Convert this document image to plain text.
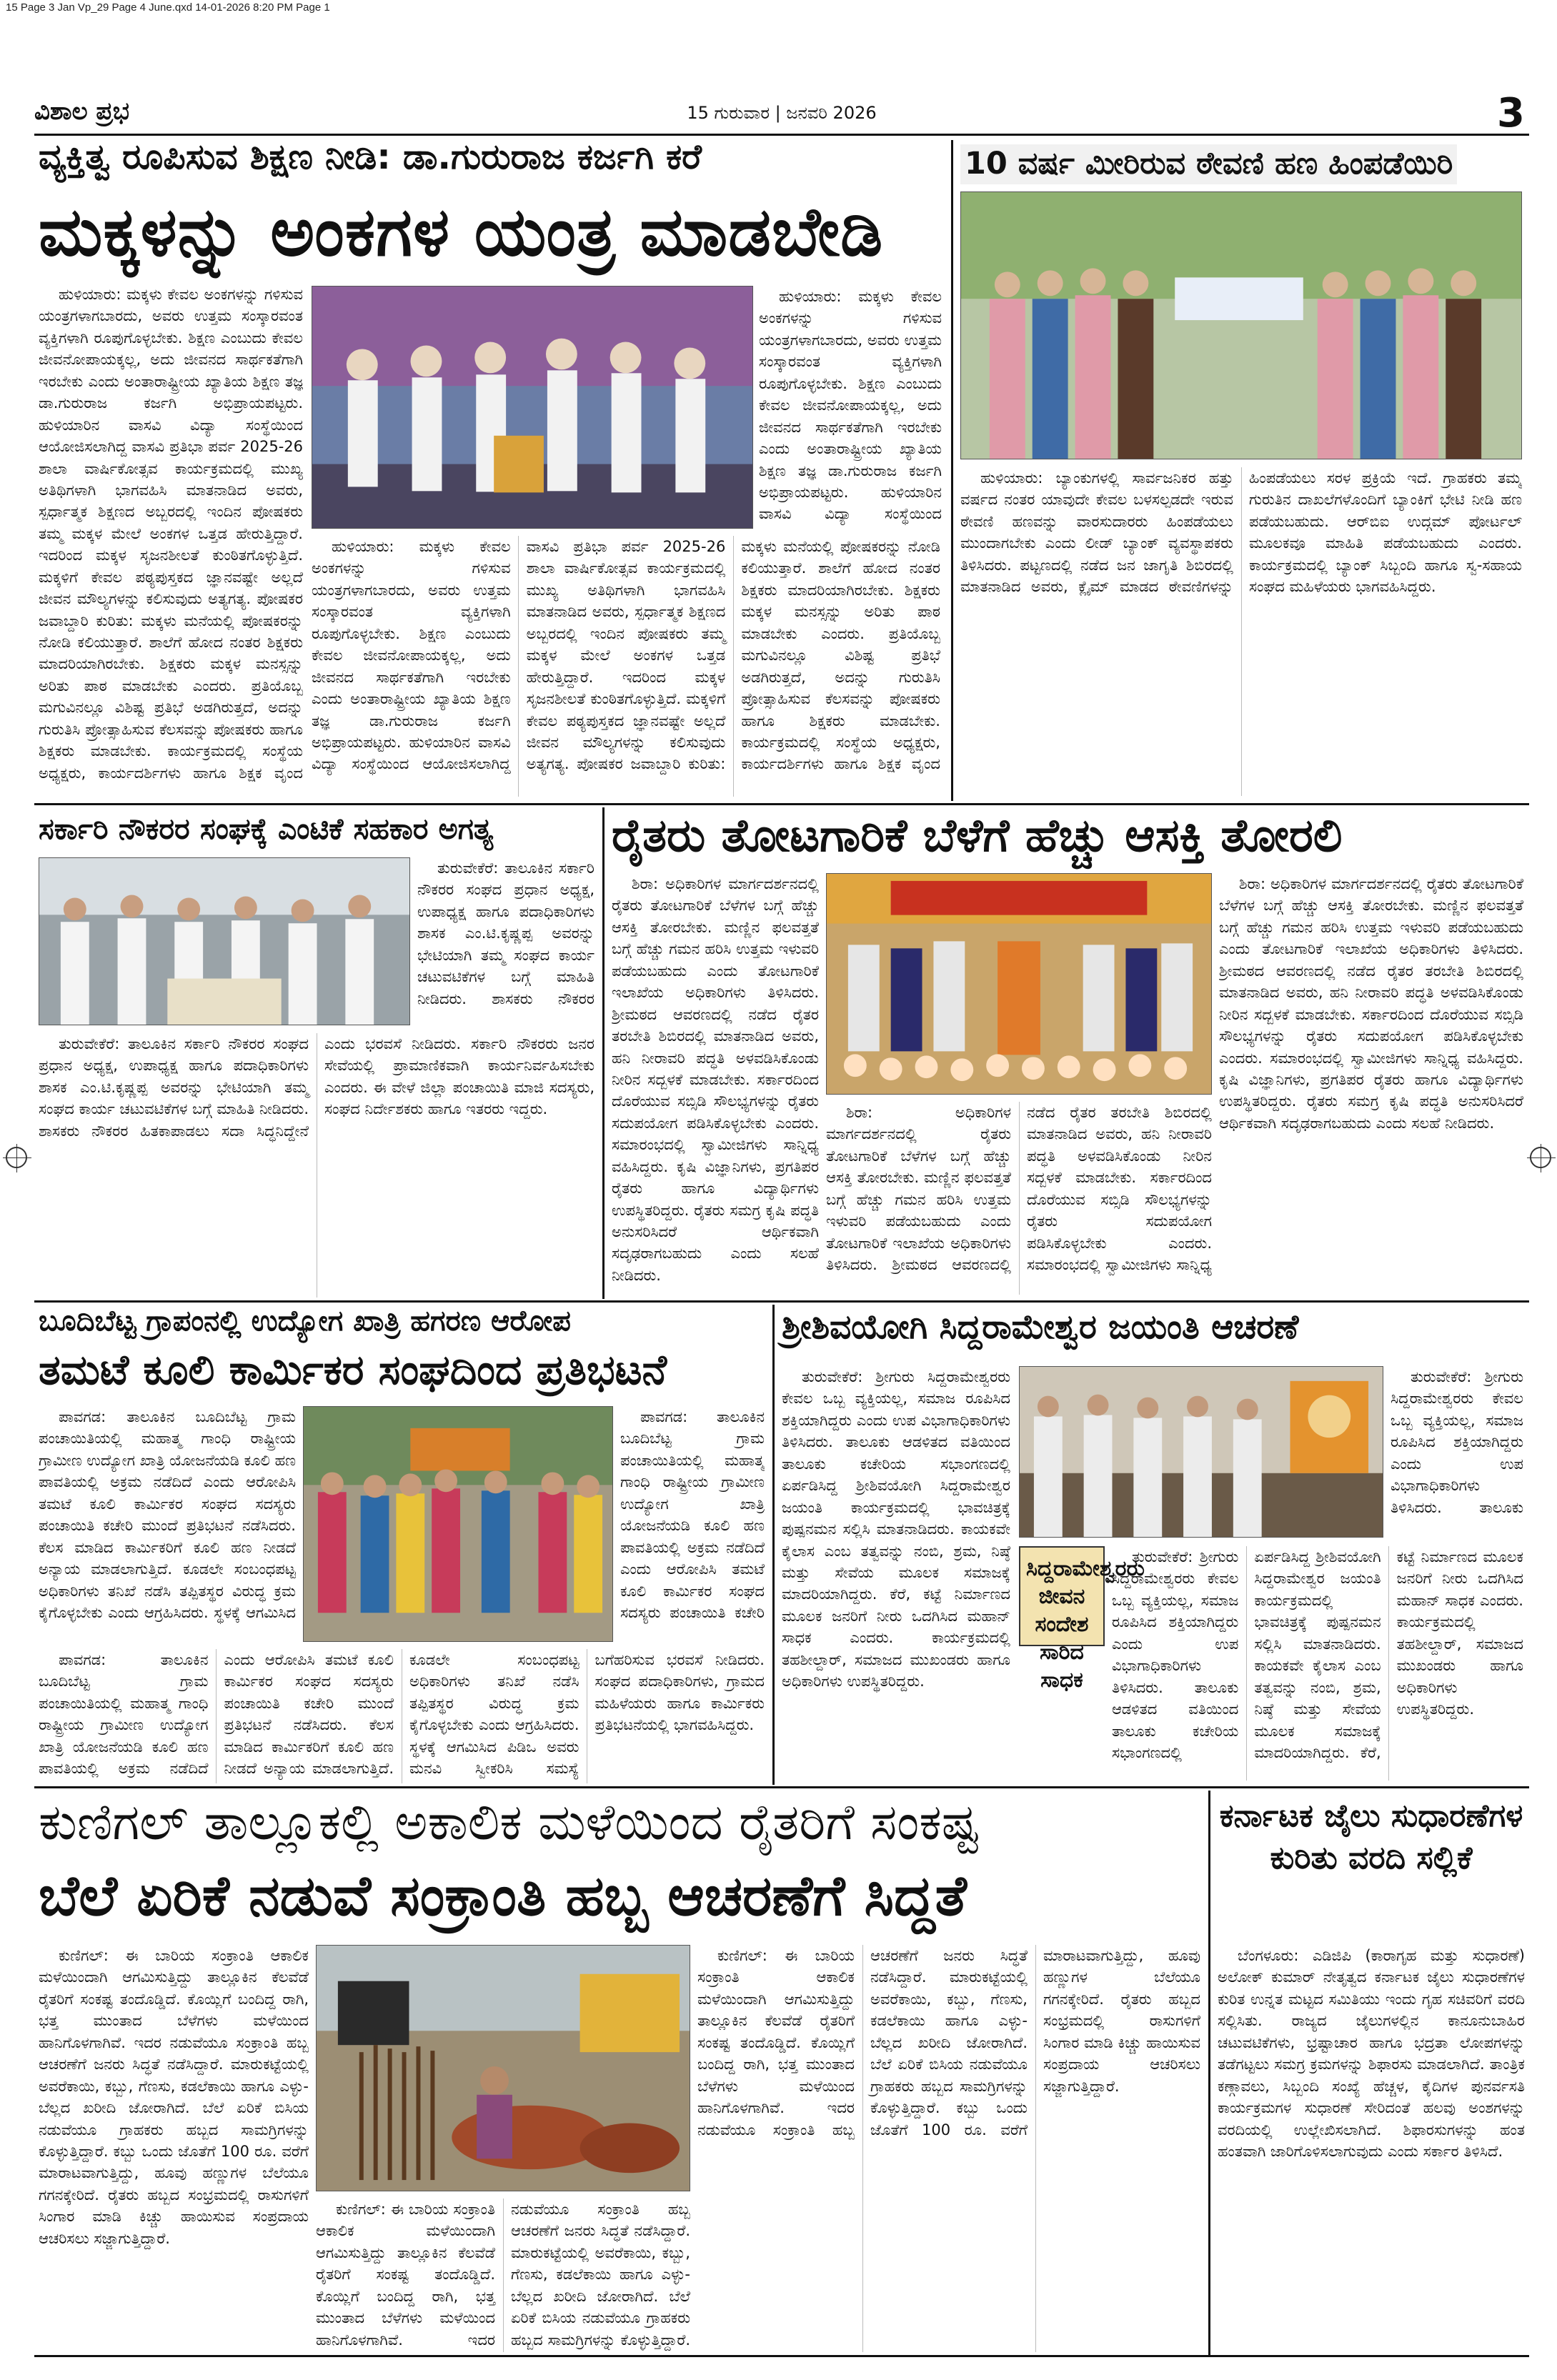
15 Page 3 Jan Vp_29 Page 4 June.qxd 14-01-2026 8:20 PM Page 1
ವಿಶಾಲ ಪ್ರಭ	15 ಗುರುವಾರ | ಜನವರಿ 2026	3
ವ್ಯಕ್ತಿತ್ವ ರೂಪಿಸುವ ಶಿಕ್ಷಣ ನೀಡಿ: ಡಾ.ಗುರುರಾಜ ಕರ್ಜಗಿ ಕರೆ
ಮಕ್ಕಳನ್ನು ಅಂಕಗಳ ಯಂತ್ರ ಮಾಡಬೇಡಿ

ಹುಳಿಯಾರು: ಮಕ್ಕಳು ಕೇವಲ ಅಂಕಗಳನ್ನು ಗಳಿಸುವ ಯಂತ್ರಗಳಾಗಬಾರದು, ಅವರು ಉತ್ತಮ ಸಂಸ್ಕಾರವಂತ ವ್ಯಕ್ತಿಗಳಾಗಿ ರೂಪುಗೊಳ್ಳಬೇಕು. ಶಿಕ್ಷಣ ಎಂಬುದು ಕೇವಲ ಜೀವನೋಪಾಯಕ್ಕಲ್ಲ, ಅದು ಜೀವನದ ಸಾರ್ಥಕತೆಗಾಗಿ ಇರಬೇಕು ಎಂದು ಅಂತಾರಾಷ್ಟ್ರೀಯ ಖ್ಯಾತಿಯ ಶಿಕ್ಷಣ ತಜ್ಞ ಡಾ.ಗುರುರಾಜ ಕರ್ಜಗಿ ಅಭಿಪ್ರಾಯಪಟ್ಟರು. ಹುಳಿಯಾರಿನ ವಾಸವಿ ವಿದ್ಯಾ ಸಂಸ್ಥೆಯಿಂದ ಆಯೋಜಿಸಲಾಗಿದ್ದ ವಾಸವಿ ಪ್ರತಿಭಾ ಪರ್ವ 2025-26 ಶಾಲಾ ವಾರ್ಷಿಕೋತ್ಸವ ಕಾರ್ಯಕ್ರಮದಲ್ಲಿ ಮುಖ್ಯ ಅತಿಥಿಗಳಾಗಿ ಭಾಗವಹಿಸಿ ಮಾತನಾಡಿದ ಅವರು, ಸ್ಪರ್ಧಾತ್ಮಕ ಶಿಕ್ಷಣದ ಅಬ್ಬರದಲ್ಲಿ ಇಂದಿನ ಪೋಷಕರು ತಮ್ಮ ಮಕ್ಕಳ ಮೇಲೆ ಅಂಕಗಳ ಒತ್ತಡ ಹೇರುತ್ತಿದ್ದಾರೆ. ಇದರಿಂದ ಮಕ್ಕಳ ಸೃಜನಶೀಲತೆ ಕುಂಠಿತಗೊಳ್ಳುತ್ತಿದೆ. ಮಕ್ಕಳಿಗೆ ಕೇವಲ ಪಠ್ಯಪುಸ್ತಕದ ಜ್ಞಾನವಷ್ಟೇ ಅಲ್ಲದೆ ಜೀವನ ಮೌಲ್ಯಗಳನ್ನು ಕಲಿಸುವುದು ಅತ್ಯಗತ್ಯ. ಪೋಷಕರ ಜವಾಬ್ದಾರಿ ಕುರಿತು: ಮಕ್ಕಳು ಮನೆಯಲ್ಲಿ ಪೋಷಕರನ್ನು ನೋಡಿ ಕಲಿಯುತ್ತಾರೆ. ಶಾಲೆಗೆ ಹೋದ ನಂತರ ಶಿಕ್ಷಕರು ಮಾದರಿಯಾಗಿರಬೇಕು. ಶಿಕ್ಷಕರು ಮಕ್ಕಳ ಮನಸ್ಸನ್ನು ಅರಿತು ಪಾಠ ಮಾಡಬೇಕು ಎಂದರು. ಪ್ರತಿಯೊಬ್ಬ ಮಗುವಿನಲ್ಲೂ ವಿಶಿಷ್ಟ ಪ್ರತಿಭೆ ಅಡಗಿರುತ್ತದೆ, ಅದನ್ನು ಗುರುತಿಸಿ ಪ್ರೋತ್ಸಾಹಿಸುವ ಕೆಲಸವನ್ನು ಪೋಷಕರು ಹಾಗೂ ಶಿಕ್ಷಕರು ಮಾಡಬೇಕು. ಕಾರ್ಯಕ್ರಮದಲ್ಲಿ ಸಂಸ್ಥೆಯ ಅಧ್ಯಕ್ಷರು, ಕಾರ್ಯದರ್ಶಿಗಳು ಹಾಗೂ ಶಿಕ್ಷಕ ವೃಂದ

ಹುಳಿಯಾರು: ಮಕ್ಕಳು ಕೇವಲ ಅಂಕಗಳನ್ನು ಗಳಿಸುವ ಯಂತ್ರಗಳಾಗಬಾರದು, ಅವರು ಉತ್ತಮ ಸಂಸ್ಕಾರವಂತ ವ್ಯಕ್ತಿಗಳಾಗಿ ರೂಪುಗೊಳ್ಳಬೇಕು. ಶಿಕ್ಷಣ ಎಂಬುದು ಕೇವಲ ಜೀವನೋಪಾಯಕ್ಕಲ್ಲ, ಅದು ಜೀವನದ ಸಾರ್ಥಕತೆಗಾಗಿ ಇರಬೇಕು ಎಂದು ಅಂತಾರಾಷ್ಟ್ರೀಯ ಖ್ಯಾತಿಯ ಶಿಕ್ಷಣ ತಜ್ಞ ಡಾ.ಗುರುರಾಜ ಕರ್ಜಗಿ ಅಭಿಪ್ರಾಯಪಟ್ಟರು. ಹುಳಿಯಾರಿನ ವಾಸವಿ ವಿದ್ಯಾ ಸಂಸ್ಥೆಯಿಂದ ಆಯೋಜಿಸಲಾಗಿದ್ದ ವಾಸವಿ ಪ್ರತಿಭಾ ಪರ್ವ 2025-26 ಶಾಲಾ ವಾರ್ಷಿಕೋತ್ಸವ ಕಾರ್ಯಕ್ರಮದಲ್ಲಿ ಮುಖ್ಯ ಅತಿಥಿಗಳಾಗಿ ಭಾಗವಹಿಸಿ ಮಾತನಾಡಿದ ಅವರು, ಸ್ಪರ್ಧಾತ್ಮಕ ಶಿಕ್ಷಣದ ಅಬ್ಬರದಲ್ಲಿ ಇಂದಿನ ಪೋಷಕರು ತಮ್ಮ ಮಕ್ಕಳ ಮೇಲೆ ಅಂಕಗಳ ಒತ್ತಡ ಹೇರುತ್ತಿದ್ದಾರೆ. ಇದರಿಂದ ಮಕ್ಕಳ ಸೃಜನಶೀಲತೆ ಕುಂಠಿತಗೊಳ್ಳುತ್ತಿದೆ. ಮಕ್ಕಳಿಗೆ ಕೇವಲ ಪಠ್ಯಪುಸ್ತಕದ ಜ್ಞಾನವಷ್ಟೇ ಅಲ್ಲದೆ ಜೀವನ ಮೌಲ್ಯಗಳನ್ನು ಕಲಿಸುವುದು ಅತ್ಯಗತ್ಯ. ಪೋಷಕರ ಜವಾಬ್ದಾರಿ ಕುರಿತು: ಮಕ್ಕಳು ಮನೆಯಲ್ಲಿ ಪೋಷಕರನ್ನು ನೋಡಿ ಕಲಿಯುತ್ತಾರೆ. ಶಾಲೆಗೆ ಹೋದ ನಂತರ ಶಿಕ್ಷಕರು ಮಾದರಿಯಾಗಿರಬೇಕು. ಶಿಕ್ಷಕರು ಮಕ್ಕಳ ಮನಸ್ಸನ್ನು ಅರಿತು ಪಾಠ ಮಾಡಬೇಕು ಎಂದರು. ಪ್ರತಿಯೊಬ್ಬ ಮಗುವಿನಲ್ಲೂ ವಿಶಿಷ್ಟ ಪ್ರತಿಭೆ ಅಡಗಿರುತ್ತದೆ, ಅದನ್ನು ಗುರುತಿಸಿ ಪ್ರೋತ್ಸಾಹಿಸುವ ಕೆಲಸವನ್ನು ಪೋಷಕರು ಹಾಗೂ ಶಿಕ್ಷಕರು ಮಾಡಬೇಕು. ಕಾರ್ಯಕ್ರಮದಲ್ಲಿ ಸಂಸ್ಥೆಯ ಅಧ್ಯಕ್ಷರು, ಕಾರ್ಯದರ್ಶಿಗಳು ಹಾಗೂ ಶಿಕ್ಷಕ ವೃಂದ

ಹುಳಿಯಾರು: ಮಕ್ಕಳು ಕೇವಲ ಅಂಕಗಳನ್ನು ಗಳಿಸುವ ಯಂತ್ರಗಳಾಗಬಾರದು, ಅವರು ಉತ್ತಮ ಸಂಸ್ಕಾರವಂತ ವ್ಯಕ್ತಿಗಳಾಗಿ ರೂಪುಗೊಳ್ಳಬೇಕು. ಶಿಕ್ಷಣ ಎಂಬುದು ಕೇವಲ ಜೀವನೋಪಾಯಕ್ಕಲ್ಲ, ಅದು ಜೀವನದ ಸಾರ್ಥಕತೆಗಾಗಿ ಇರಬೇಕು ಎಂದು ಅಂತಾರಾಷ್ಟ್ರೀಯ ಖ್ಯಾತಿಯ ಶಿಕ್ಷಣ ತಜ್ಞ ಡಾ.ಗುರುರಾಜ ಕರ್ಜಗಿ ಅಭಿಪ್ರಾಯಪಟ್ಟರು. ಹುಳಿಯಾರಿನ ವಾಸವಿ ವಿದ್ಯಾ ಸಂಸ್ಥೆಯಿಂದ

10 ವರ್ಷ ಮೀರಿರುವ ಠೇವಣಿ ಹಣ ಹಿಂಪಡೆಯಿರಿ

ಹುಳಿಯಾರು: ಬ್ಯಾಂಕುಗಳಲ್ಲಿ ಸಾರ್ವಜನಿಕರ ಹತ್ತು ವರ್ಷದ ನಂತರ ಯಾವುದೇ ಕೇವಲ ಬಳಸಲ್ಪಡದೇ ಇರುವ ಠೇವಣಿ ಹಣವನ್ನು ವಾರಸುದಾರರು ಹಿಂಪಡೆಯಲು ಮುಂದಾಗಬೇಕು ಎಂದು ಲೀಡ್ ಬ್ಯಾಂಕ್ ವ್ಯವಸ್ಥಾಪಕರು ತಿಳಿಸಿದರು. ಪಟ್ಟಣದಲ್ಲಿ ನಡೆದ ಜನ ಜಾಗೃತಿ ಶಿಬಿರದಲ್ಲಿ ಮಾತನಾಡಿದ ಅವರು, ಕ್ಲೈಮ್ ಮಾಡದ ಠೇವಣಿಗಳನ್ನು ಹಿಂಪಡೆಯಲು ಸರಳ ಪ್ರಕ್ರಿಯೆ ಇದೆ. ಗ್ರಾಹಕರು ತಮ್ಮ ಗುರುತಿನ ದಾಖಲೆಗಳೊಂದಿಗೆ ಬ್ಯಾಂಕಿಗೆ ಭೇಟಿ ನೀಡಿ ಹಣ ಪಡೆಯಬಹುದು. ಆರ್‌ಬಿಐ ಉದ್ಗಮ್ ಪೋರ್ಟಲ್ ಮೂಲಕವೂ ಮಾಹಿತಿ ಪಡೆಯಬಹುದು ಎಂದರು. ಕಾರ್ಯಕ್ರಮದಲ್ಲಿ ಬ್ಯಾಂಕ್ ಸಿಬ್ಬಂದಿ ಹಾಗೂ ಸ್ವ-ಸಹಾಯ ಸಂಘದ ಮಹಿಳೆಯರು ಭಾಗವಹಿಸಿದ್ದರು.

ಸರ್ಕಾರಿ ನೌಕರರ ಸಂಘಕ್ಕೆ ಎಂಟಿಕೆ ಸಹಕಾರ ಅಗತ್ಯ

ತುರುವೇಕೆರೆ: ತಾಲೂಕಿನ ಸರ್ಕಾರಿ ನೌಕರರ ಸಂಘದ ಪ್ರಧಾನ ಅಧ್ಯಕ್ಷ, ಉಪಾಧ್ಯಕ್ಷ ಹಾಗೂ ಪದಾಧಿಕಾರಿಗಳು ಶಾಸಕ ಎಂ.ಟಿ.ಕೃಷ್ಣಪ್ಪ ಅವರನ್ನು ಭೇಟಿಯಾಗಿ ತಮ್ಮ ಸಂಘದ ಕಾರ್ಯ ಚಟುವಟಿಕೆಗಳ ಬಗ್ಗೆ ಮಾಹಿತಿ ನೀಡಿದರು. ಶಾಸಕರು ನೌಕರರ

ತುರುವೇಕೆರೆ: ತಾಲೂಕಿನ ಸರ್ಕಾರಿ ನೌಕರರ ಸಂಘದ ಪ್ರಧಾನ ಅಧ್ಯಕ್ಷ, ಉಪಾಧ್ಯಕ್ಷ ಹಾಗೂ ಪದಾಧಿಕಾರಿಗಳು ಶಾಸಕ ಎಂ.ಟಿ.ಕೃಷ್ಣಪ್ಪ ಅವರನ್ನು ಭೇಟಿಯಾಗಿ ತಮ್ಮ ಸಂಘದ ಕಾರ್ಯ ಚಟುವಟಿಕೆಗಳ ಬಗ್ಗೆ ಮಾಹಿತಿ ನೀಡಿದರು. ಶಾಸಕರು ನೌಕರರ ಹಿತಕಾಪಾಡಲು ಸದಾ ಸಿದ್ಧನಿದ್ದೇನೆ ಎಂದು ಭರವಸೆ ನೀಡಿದರು. ಸರ್ಕಾರಿ ನೌಕರರು ಜನರ ಸೇವೆಯಲ್ಲಿ ಪ್ರಾಮಾಣಿಕವಾಗಿ ಕಾರ್ಯನಿರ್ವಹಿಸಬೇಕು ಎಂದರು. ಈ ವೇಳೆ ಜಿಲ್ಲಾ ಪಂಚಾಯಿತಿ ಮಾಜಿ ಸದಸ್ಯರು, ಸಂಘದ ನಿರ್ದೇಶಕರು ಹಾಗೂ ಇತರರು ಇದ್ದರು.

ರೈತರು ತೋಟಗಾರಿಕೆ ಬೆಳೆಗೆ ಹೆಚ್ಚು ಆಸಕ್ತಿ ತೋರಲಿ

ಶಿರಾ: ಅಧಿಕಾರಿಗಳ ಮಾರ್ಗದರ್ಶನದಲ್ಲಿ ರೈತರು ತೋಟಗಾರಿಕೆ ಬೆಳೆಗಳ ಬಗ್ಗೆ ಹೆಚ್ಚು ಆಸಕ್ತಿ ತೋರಬೇಕು. ಮಣ್ಣಿನ ಫಲವತ್ತತೆ ಬಗ್ಗೆ ಹೆಚ್ಚು ಗಮನ ಹರಿಸಿ ಉತ್ತಮ ಇಳುವರಿ ಪಡೆಯಬಹುದು ಎಂದು ತೋಟಗಾರಿಕೆ ಇಲಾಖೆಯ ಅಧಿಕಾರಿಗಳು ತಿಳಿಸಿದರು. ಶ್ರೀಮಠದ ಆವರಣದಲ್ಲಿ ನಡೆದ ರೈತರ ತರಬೇತಿ ಶಿಬಿರದಲ್ಲಿ ಮಾತನಾಡಿದ ಅವರು, ಹನಿ ನೀರಾವರಿ ಪದ್ಧತಿ ಅಳವಡಿಸಿಕೊಂಡು ನೀರಿನ ಸದ್ಬಳಕೆ ಮಾಡಬೇಕು. ಸರ್ಕಾರದಿಂದ ದೊರೆಯುವ ಸಬ್ಸಿಡಿ ಸೌಲಭ್ಯಗಳನ್ನು ರೈತರು ಸದುಪಯೋಗ ಪಡಿಸಿಕೊಳ್ಳಬೇಕು ಎಂದರು. ಸಮಾರಂಭದಲ್ಲಿ ಸ್ವಾಮೀಜಿಗಳು ಸಾನ್ನಿಧ್ಯ ವಹಿಸಿದ್ದರು. ಕೃಷಿ ವಿಜ್ಞಾನಿಗಳು, ಪ್ರಗತಿಪರ ರೈತರು ಹಾಗೂ ವಿದ್ಯಾರ್ಥಿಗಳು ಉಪಸ್ಥಿತರಿದ್ದರು. ರೈತರು ಸಮಗ್ರ ಕೃಷಿ ಪದ್ಧತಿ ಅನುಸರಿಸಿದರೆ ಆರ್ಥಿಕವಾಗಿ ಸದೃಢರಾಗಬಹುದು ಎಂದು ಸಲಹೆ ನೀಡಿದರು.

ಶಿರಾ: ಅಧಿಕಾರಿಗಳ ಮಾರ್ಗದರ್ಶನದಲ್ಲಿ ರೈತರು ತೋಟಗಾರಿಕೆ ಬೆಳೆಗಳ ಬಗ್ಗೆ ಹೆಚ್ಚು ಆಸಕ್ತಿ ತೋರಬೇಕು. ಮಣ್ಣಿನ ಫಲವತ್ತತೆ ಬಗ್ಗೆ ಹೆಚ್ಚು ಗಮನ ಹರಿಸಿ ಉತ್ತಮ ಇಳುವರಿ ಪಡೆಯಬಹುದು ಎಂದು ತೋಟಗಾರಿಕೆ ಇಲಾಖೆಯ ಅಧಿಕಾರಿಗಳು ತಿಳಿಸಿದರು. ಶ್ರೀಮಠದ ಆವರಣದಲ್ಲಿ ನಡೆದ ರೈತರ ತರಬೇತಿ ಶಿಬಿರದಲ್ಲಿ ಮಾತನಾಡಿದ ಅವರು, ಹನಿ ನೀರಾವರಿ ಪದ್ಧತಿ ಅಳವಡಿಸಿಕೊಂಡು ನೀರಿನ ಸದ್ಬಳಕೆ ಮಾಡಬೇಕು. ಸರ್ಕಾರದಿಂದ ದೊರೆಯುವ ಸಬ್ಸಿಡಿ ಸೌಲಭ್ಯಗಳನ್ನು ರೈತರು ಸದುಪಯೋಗ ಪಡಿಸಿಕೊಳ್ಳಬೇಕು ಎಂದರು. ಸಮಾರಂಭದಲ್ಲಿ ಸ್ವಾಮೀಜಿಗಳು ಸಾನ್ನಿಧ್ಯ

ಶಿರಾ: ಅಧಿಕಾರಿಗಳ ಮಾರ್ಗದರ್ಶನದಲ್ಲಿ ರೈತರು ತೋಟಗಾರಿಕೆ ಬೆಳೆಗಳ ಬಗ್ಗೆ ಹೆಚ್ಚು ಆಸಕ್ತಿ ತೋರಬೇಕು. ಮಣ್ಣಿನ ಫಲವತ್ತತೆ ಬಗ್ಗೆ ಹೆಚ್ಚು ಗಮನ ಹರಿಸಿ ಉತ್ತಮ ಇಳುವರಿ ಪಡೆಯಬಹುದು ಎಂದು ತೋಟಗಾರಿಕೆ ಇಲಾಖೆಯ ಅಧಿಕಾರಿಗಳು ತಿಳಿಸಿದರು. ಶ್ರೀಮಠದ ಆವರಣದಲ್ಲಿ ನಡೆದ ರೈತರ ತರಬೇತಿ ಶಿಬಿರದಲ್ಲಿ ಮಾತನಾಡಿದ ಅವರು, ಹನಿ ನೀರಾವರಿ ಪದ್ಧತಿ ಅಳವಡಿಸಿಕೊಂಡು ನೀರಿನ ಸದ್ಬಳಕೆ ಮಾಡಬೇಕು. ಸರ್ಕಾರದಿಂದ ದೊರೆಯುವ ಸಬ್ಸಿಡಿ ಸೌಲಭ್ಯಗಳನ್ನು ರೈತರು ಸದುಪಯೋಗ ಪಡಿಸಿಕೊಳ್ಳಬೇಕು ಎಂದರು. ಸಮಾರಂಭದಲ್ಲಿ ಸ್ವಾಮೀಜಿಗಳು ಸಾನ್ನಿಧ್ಯ ವಹಿಸಿದ್ದರು. ಕೃಷಿ ವಿಜ್ಞಾನಿಗಳು, ಪ್ರಗತಿಪರ ರೈತರು ಹಾಗೂ ವಿದ್ಯಾರ್ಥಿಗಳು ಉಪಸ್ಥಿತರಿದ್ದರು. ರೈತರು ಸಮಗ್ರ ಕೃಷಿ ಪದ್ಧತಿ ಅನುಸರಿಸಿದರೆ ಆರ್ಥಿಕವಾಗಿ ಸದೃಢರಾಗಬಹುದು ಎಂದು ಸಲಹೆ ನೀಡಿದರು.

ಬೂದಿಬೆಟ್ಟ ಗ್ರಾಪಂನಲ್ಲಿ ಉದ್ಯೋಗ ಖಾತ್ರಿ ಹಗರಣ ಆರೋಪ
ತಮಟೆ ಕೂಲಿ ಕಾರ್ಮಿಕರ ಸಂಘದಿಂದ ಪ್ರತಿಭಟನೆ

ಪಾವಗಡ: ತಾಲೂಕಿನ ಬೂದಿಬೆಟ್ಟ ಗ್ರಾಮ ಪಂಚಾಯಿತಿಯಲ್ಲಿ ಮಹಾತ್ಮ ಗಾಂಧಿ ರಾಷ್ಟ್ರೀಯ ಗ್ರಾಮೀಣ ಉದ್ಯೋಗ ಖಾತ್ರಿ ಯೋಜನೆಯಡಿ ಕೂಲಿ ಹಣ ಪಾವತಿಯಲ್ಲಿ ಅಕ್ರಮ ನಡೆದಿದೆ ಎಂದು ಆರೋಪಿಸಿ ತಮಟೆ ಕೂಲಿ ಕಾರ್ಮಿಕರ ಸಂಘದ ಸದಸ್ಯರು ಪಂಚಾಯಿತಿ ಕಚೇರಿ ಮುಂದೆ ಪ್ರತಿಭಟನೆ ನಡೆಸಿದರು. ಕೆಲಸ ಮಾಡಿದ ಕಾರ್ಮಿಕರಿಗೆ ಕೂಲಿ ಹಣ ನೀಡದೆ ಅನ್ಯಾಯ ಮಾಡಲಾಗುತ್ತಿದೆ. ಕೂಡಲೇ ಸಂಬಂಧಪಟ್ಟ ಅಧಿಕಾರಿಗಳು ತನಿಖೆ ನಡೆಸಿ ತಪ್ಪಿತಸ್ಥರ ವಿರುದ್ಧ ಕ್ರಮ ಕೈಗೊಳ್ಳಬೇಕು ಎಂದು ಆಗ್ರಹಿಸಿದರು. ಸ್ಥಳಕ್ಕೆ ಆಗಮಿಸಿದ

ಪಾವಗಡ: ತಾಲೂಕಿನ ಬೂದಿಬೆಟ್ಟ ಗ್ರಾಮ ಪಂಚಾಯಿತಿಯಲ್ಲಿ ಮಹಾತ್ಮ ಗಾಂಧಿ ರಾಷ್ಟ್ರೀಯ ಗ್ರಾಮೀಣ ಉದ್ಯೋಗ ಖಾತ್ರಿ ಯೋಜನೆಯಡಿ ಕೂಲಿ ಹಣ ಪಾವತಿಯಲ್ಲಿ ಅಕ್ರಮ ನಡೆದಿದೆ ಎಂದು ಆರೋಪಿಸಿ ತಮಟೆ ಕೂಲಿ ಕಾರ್ಮಿಕರ ಸಂಘದ ಸದಸ್ಯರು ಪಂಚಾಯಿತಿ ಕಚೇರಿ

ಪಾವಗಡ: ತಾಲೂಕಿನ ಬೂದಿಬೆಟ್ಟ ಗ್ರಾಮ ಪಂಚಾಯಿತಿಯಲ್ಲಿ ಮಹಾತ್ಮ ಗಾಂಧಿ ರಾಷ್ಟ್ರೀಯ ಗ್ರಾಮೀಣ ಉದ್ಯೋಗ ಖಾತ್ರಿ ಯೋಜನೆಯಡಿ ಕೂಲಿ ಹಣ ಪಾವತಿಯಲ್ಲಿ ಅಕ್ರಮ ನಡೆದಿದೆ ಎಂದು ಆರೋಪಿಸಿ ತಮಟೆ ಕೂಲಿ ಕಾರ್ಮಿಕರ ಸಂಘದ ಸದಸ್ಯರು ಪಂಚಾಯಿತಿ ಕಚೇರಿ ಮುಂದೆ ಪ್ರತಿಭಟನೆ ನಡೆಸಿದರು. ಕೆಲಸ ಮಾಡಿದ ಕಾರ್ಮಿಕರಿಗೆ ಕೂಲಿ ಹಣ ನೀಡದೆ ಅನ್ಯಾಯ ಮಾಡಲಾಗುತ್ತಿದೆ. ಕೂಡಲೇ ಸಂಬಂಧಪಟ್ಟ ಅಧಿಕಾರಿಗಳು ತನಿಖೆ ನಡೆಸಿ ತಪ್ಪಿತಸ್ಥರ ವಿರುದ್ಧ ಕ್ರಮ ಕೈಗೊಳ್ಳಬೇಕು ಎಂದು ಆಗ್ರಹಿಸಿದರು. ಸ್ಥಳಕ್ಕೆ ಆಗಮಿಸಿದ ಪಿಡಿಒ ಅವರು ಮನವಿ ಸ್ವೀಕರಿಸಿ ಸಮಸ್ಯೆ ಬಗೆಹರಿಸುವ ಭರವಸೆ ನೀಡಿದರು. ಸಂಘದ ಪದಾಧಿಕಾರಿಗಳು, ಗ್ರಾಮದ ಮಹಿಳೆಯರು ಹಾಗೂ ಕಾರ್ಮಿಕರು ಪ್ರತಿಭಟನೆಯಲ್ಲಿ ಭಾಗವಹಿಸಿದ್ದರು.

ಶ್ರೀಶಿವಯೋಗಿ ಸಿದ್ದರಾಮೇಶ್ವರ ಜಯಂತಿ ಆಚರಣೆ

ತುರುವೇಕೆರೆ: ಶ್ರೀಗುರು ಸಿದ್ದರಾಮೇಶ್ವರರು ಕೇವಲ ಒಬ್ಬ ವ್ಯಕ್ತಿಯಲ್ಲ, ಸಮಾಜ ರೂಪಿಸಿದ ಶಕ್ತಿಯಾಗಿದ್ದರು ಎಂದು ಉಪ ವಿಭಾಗಾಧಿಕಾರಿಗಳು ತಿಳಿಸಿದರು. ತಾಲೂಕು ಆಡಳಿತದ ವತಿಯಿಂದ ತಾಲೂಕು ಕಚೇರಿಯ ಸಭಾಂಗಣದಲ್ಲಿ ಏರ್ಪಡಿಸಿದ್ದ ಶ್ರೀಶಿವಯೋಗಿ ಸಿದ್ದರಾಮೇಶ್ವರ ಜಯಂತಿ ಕಾರ್ಯಕ್ರಮದಲ್ಲಿ ಭಾವಚಿತ್ರಕ್ಕೆ ಪುಷ್ಪನಮನ ಸಲ್ಲಿಸಿ ಮಾತನಾಡಿದರು. ಕಾಯಕವೇ ಕೈಲಾಸ ಎಂಬ ತತ್ವವನ್ನು ನಂಬಿ, ಶ್ರಮ, ನಿಷ್ಠೆ ಮತ್ತು ಸೇವೆಯ ಮೂಲಕ ಸಮಾಜಕ್ಕೆ ಮಾದರಿಯಾಗಿದ್ದರು. ಕೆರೆ, ಕಟ್ಟೆ ನಿರ್ಮಾಣದ ಮೂಲಕ ಜನರಿಗೆ ನೀರು ಒದಗಿಸಿದ ಮಹಾನ್ ಸಾಧಕ ಎಂದರು. ಕಾರ್ಯಕ್ರಮದಲ್ಲಿ ತಹಶೀಲ್ದಾರ್, ಸಮಾಜದ ಮುಖಂಡರು ಹಾಗೂ ಅಧಿಕಾರಿಗಳು ಉಪಸ್ಥಿತರಿದ್ದರು.

ತುರುವೇಕೆರೆ: ಶ್ರೀಗುರು ಸಿದ್ದರಾಮೇಶ್ವರರು ಕೇವಲ ಒಬ್ಬ ವ್ಯಕ್ತಿಯಲ್ಲ, ಸಮಾಜ ರೂಪಿಸಿದ ಶಕ್ತಿಯಾಗಿದ್ದರು ಎಂದು ಉಪ ವಿಭಾಗಾಧಿಕಾರಿಗಳು ತಿಳಿಸಿದರು. ತಾಲೂಕು

ಸಿದ್ದರಾಮೇಶ್ವರರು ಜೀವನ ಸಂದೇಶ ಸಾರಿದ ಸಾಧಕ

ತುರುವೇಕೆರೆ: ಶ್ರೀಗುರು ಸಿದ್ದರಾಮೇಶ್ವರರು ಕೇವಲ ಒಬ್ಬ ವ್ಯಕ್ತಿಯಲ್ಲ, ಸಮಾಜ ರೂಪಿಸಿದ ಶಕ್ತಿಯಾಗಿದ್ದರು ಎಂದು ಉಪ ವಿಭಾಗಾಧಿಕಾರಿಗಳು ತಿಳಿಸಿದರು. ತಾಲೂಕು ಆಡಳಿತದ ವತಿಯಿಂದ ತಾಲೂಕು ಕಚೇರಿಯ ಸಭಾಂಗಣದಲ್ಲಿ ಏರ್ಪಡಿಸಿದ್ದ ಶ್ರೀಶಿವಯೋಗಿ ಸಿದ್ದರಾಮೇಶ್ವರ ಜಯಂತಿ ಕಾರ್ಯಕ್ರಮದಲ್ಲಿ ಭಾವಚಿತ್ರಕ್ಕೆ ಪುಷ್ಪನಮನ ಸಲ್ಲಿಸಿ ಮಾತನಾಡಿದರು. ಕಾಯಕವೇ ಕೈಲಾಸ ಎಂಬ ತತ್ವವನ್ನು ನಂಬಿ, ಶ್ರಮ, ನಿಷ್ಠೆ ಮತ್ತು ಸೇವೆಯ ಮೂಲಕ ಸಮಾಜಕ್ಕೆ ಮಾದರಿಯಾಗಿದ್ದರು. ಕೆರೆ, ಕಟ್ಟೆ ನಿರ್ಮಾಣದ ಮೂಲಕ ಜನರಿಗೆ ನೀರು ಒದಗಿಸಿದ ಮಹಾನ್ ಸಾಧಕ ಎಂದರು. ಕಾರ್ಯಕ್ರಮದಲ್ಲಿ ತಹಶೀಲ್ದಾರ್, ಸಮಾಜದ ಮುಖಂಡರು ಹಾಗೂ ಅಧಿಕಾರಿಗಳು ಉಪಸ್ಥಿತರಿದ್ದರು.

ಕುಣಿಗಲ್ ತಾಲ್ಲೂಕಲ್ಲಿ ಅಕಾಲಿಕ ಮಳೆಯಿಂದ ರೈತರಿಗೆ ಸಂಕಷ್ಟ
ಬೆಲೆ ಏರಿಕೆ ನಡುವೆ ಸಂಕ್ರಾಂತಿ ಹಬ್ಬ ಆಚರಣೆಗೆ ಸಿದ್ದತೆ

ಕುಣಿಗಲ್: ಈ ಬಾರಿಯ ಸಂಕ್ರಾಂತಿ ಆಕಾಲಿಕ ಮಳೆಯಿಂದಾಗಿ ಆಗಮಿಸುತ್ತಿದ್ದು ತಾಲ್ಲೂಕಿನ ಕೆಲವೆಡೆ ರೈತರಿಗೆ ಸಂಕಷ್ಟ ತಂದೊಡ್ಡಿದೆ. ಕೊಯ್ಲಿಗೆ ಬಂದಿದ್ದ ರಾಗಿ, ಭತ್ತ ಮುಂತಾದ ಬೆಳೆಗಳು ಮಳೆಯಿಂದ ಹಾನಿಗೊಳಗಾಗಿವೆ. ಇದರ ನಡುವೆಯೂ ಸಂಕ್ರಾಂತಿ ಹಬ್ಬ ಆಚರಣೆಗೆ ಜನರು ಸಿದ್ಧತೆ ನಡೆಸಿದ್ದಾರೆ. ಮಾರುಕಟ್ಟೆಯಲ್ಲಿ ಅವರೆಕಾಯಿ, ಕಬ್ಬು, ಗೆಣಸು, ಕಡಲೆಕಾಯಿ ಹಾಗೂ ಎಳ್ಳು-ಬೆಲ್ಲದ ಖರೀದಿ ಜೋರಾಗಿದೆ. ಬೆಲೆ ಏರಿಕೆ ಬಿಸಿಯ ನಡುವೆಯೂ ಗ್ರಾಹಕರು ಹಬ್ಬದ ಸಾಮಗ್ರಿಗಳನ್ನು ಕೊಳ್ಳುತ್ತಿದ್ದಾರೆ. ಕಬ್ಬು ಒಂದು ಜೊತೆಗೆ 100 ರೂ. ವರೆಗೆ ಮಾರಾಟವಾಗುತ್ತಿದ್ದು, ಹೂವು ಹಣ್ಣುಗಳ ಬೆಲೆಯೂ ಗಗನಕ್ಕೇರಿದೆ. ರೈತರು ಹಬ್ಬದ ಸಂಭ್ರಮದಲ್ಲಿ ರಾಸುಗಳಿಗೆ ಸಿಂಗಾರ ಮಾಡಿ ಕಿಚ್ಚು ಹಾಯಿಸುವ ಸಂಪ್ರದಾಯ ಆಚರಿಸಲು ಸಜ್ಜಾಗುತ್ತಿದ್ದಾರೆ.

ಕುಣಿಗಲ್: ಈ ಬಾರಿಯ ಸಂಕ್ರಾಂತಿ ಆಕಾಲಿಕ ಮಳೆಯಿಂದಾಗಿ ಆಗಮಿಸುತ್ತಿದ್ದು ತಾಲ್ಲೂಕಿನ ಕೆಲವೆಡೆ ರೈತರಿಗೆ ಸಂಕಷ್ಟ ತಂದೊಡ್ಡಿದೆ. ಕೊಯ್ಲಿಗೆ ಬಂದಿದ್ದ ರಾಗಿ, ಭತ್ತ ಮುಂತಾದ ಬೆಳೆಗಳು ಮಳೆಯಿಂದ ಹಾನಿಗೊಳಗಾಗಿವೆ. ಇದರ ನಡುವೆಯೂ ಸಂಕ್ರಾಂತಿ ಹಬ್ಬ ಆಚರಣೆಗೆ ಜನರು ಸಿದ್ಧತೆ ನಡೆಸಿದ್ದಾರೆ. ಮಾರುಕಟ್ಟೆಯಲ್ಲಿ ಅವರೆಕಾಯಿ, ಕಬ್ಬು, ಗೆಣಸು, ಕಡಲೆಕಾಯಿ ಹಾಗೂ ಎಳ್ಳು-ಬೆಲ್ಲದ ಖರೀದಿ ಜೋರಾಗಿದೆ. ಬೆಲೆ ಏರಿಕೆ ಬಿಸಿಯ ನಡುವೆಯೂ ಗ್ರಾಹಕರು ಹಬ್ಬದ ಸಾಮಗ್ರಿಗಳನ್ನು ಕೊಳ್ಳುತ್ತಿದ್ದಾರೆ.

ಕುಣಿಗಲ್: ಈ ಬಾರಿಯ ಸಂಕ್ರಾಂತಿ ಆಕಾಲಿಕ ಮಳೆಯಿಂದಾಗಿ ಆಗಮಿಸುತ್ತಿದ್ದು ತಾಲ್ಲೂಕಿನ ಕೆಲವೆಡೆ ರೈತರಿಗೆ ಸಂಕಷ್ಟ ತಂದೊಡ್ಡಿದೆ. ಕೊಯ್ಲಿಗೆ ಬಂದಿದ್ದ ರಾಗಿ, ಭತ್ತ ಮುಂತಾದ ಬೆಳೆಗಳು ಮಳೆಯಿಂದ ಹಾನಿಗೊಳಗಾಗಿವೆ. ಇದರ ನಡುವೆಯೂ ಸಂಕ್ರಾಂತಿ ಹಬ್ಬ ಆಚರಣೆಗೆ ಜನರು ಸಿದ್ಧತೆ ನಡೆಸಿದ್ದಾರೆ. ಮಾರುಕಟ್ಟೆಯಲ್ಲಿ ಅವರೆಕಾಯಿ, ಕಬ್ಬು, ಗೆಣಸು, ಕಡಲೆಕಾಯಿ ಹಾಗೂ ಎಳ್ಳು-ಬೆಲ್ಲದ ಖರೀದಿ ಜೋರಾಗಿದೆ. ಬೆಲೆ ಏರಿಕೆ ಬಿಸಿಯ ನಡುವೆಯೂ ಗ್ರಾಹಕರು ಹಬ್ಬದ ಸಾಮಗ್ರಿಗಳನ್ನು ಕೊಳ್ಳುತ್ತಿದ್ದಾರೆ. ಕಬ್ಬು ಒಂದು ಜೊತೆಗೆ 100 ರೂ. ವರೆಗೆ ಮಾರಾಟವಾಗುತ್ತಿದ್ದು, ಹೂವು ಹಣ್ಣುಗಳ ಬೆಲೆಯೂ ಗಗನಕ್ಕೇರಿದೆ. ರೈತರು ಹಬ್ಬದ ಸಂಭ್ರಮದಲ್ಲಿ ರಾಸುಗಳಿಗೆ ಸಿಂಗಾರ ಮಾಡಿ ಕಿಚ್ಚು ಹಾಯಿಸುವ ಸಂಪ್ರದಾಯ ಆಚರಿಸಲು ಸಜ್ಜಾಗುತ್ತಿದ್ದಾರೆ.

ಕರ್ನಾಟಕ ಜೈಲು ಸುಧಾರಣೆಗಳ ಕುರಿತು ವರದಿ ಸಲ್ಲಿಕೆ

ಬೆಂಗಳೂರು: ಎಡಿಜಿಪಿ (ಕಾರಾಗೃಹ ಮತ್ತು ಸುಧಾರಣೆ) ಅಲೋಕ್ ಕುಮಾರ್ ನೇತೃತ್ವದ ಕರ್ನಾಟಕ ಜೈಲು ಸುಧಾರಣೆಗಳ ಕುರಿತ ಉನ್ನತ ಮಟ್ಟದ ಸಮಿತಿಯು ಇಂದು ಗೃಹ ಸಚಿವರಿಗೆ ವರದಿ ಸಲ್ಲಿಸಿತು. ರಾಜ್ಯದ ಜೈಲುಗಳಲ್ಲಿನ ಕಾನೂನುಬಾಹಿರ ಚಟುವಟಿಕೆಗಳು, ಭ್ರಷ್ಟಾಚಾರ ಹಾಗೂ ಭದ್ರತಾ ಲೋಪಗಳನ್ನು ತಡೆಗಟ್ಟಲು ಸಮಗ್ರ ಕ್ರಮಗಳನ್ನು ಶಿಫಾರಸು ಮಾಡಲಾಗಿದೆ. ತಾಂತ್ರಿಕ ಕಣ್ಗಾವಲು, ಸಿಬ್ಬಂದಿ ಸಂಖ್ಯೆ ಹೆಚ್ಚಳ, ಕೈದಿಗಳ ಪುನರ್ವಸತಿ ಕಾರ್ಯಕ್ರಮಗಳ ಸುಧಾರಣೆ ಸೇರಿದಂತೆ ಹಲವು ಅಂಶಗಳನ್ನು ವರದಿಯಲ್ಲಿ ಉಲ್ಲೇಖಿಸಲಾಗಿದೆ. ಶಿಫಾರಸುಗಳನ್ನು ಹಂತ ಹಂತವಾಗಿ ಜಾರಿಗೊಳಿಸಲಾಗುವುದು ಎಂದು ಸರ್ಕಾರ ತಿಳಿಸಿದೆ.
